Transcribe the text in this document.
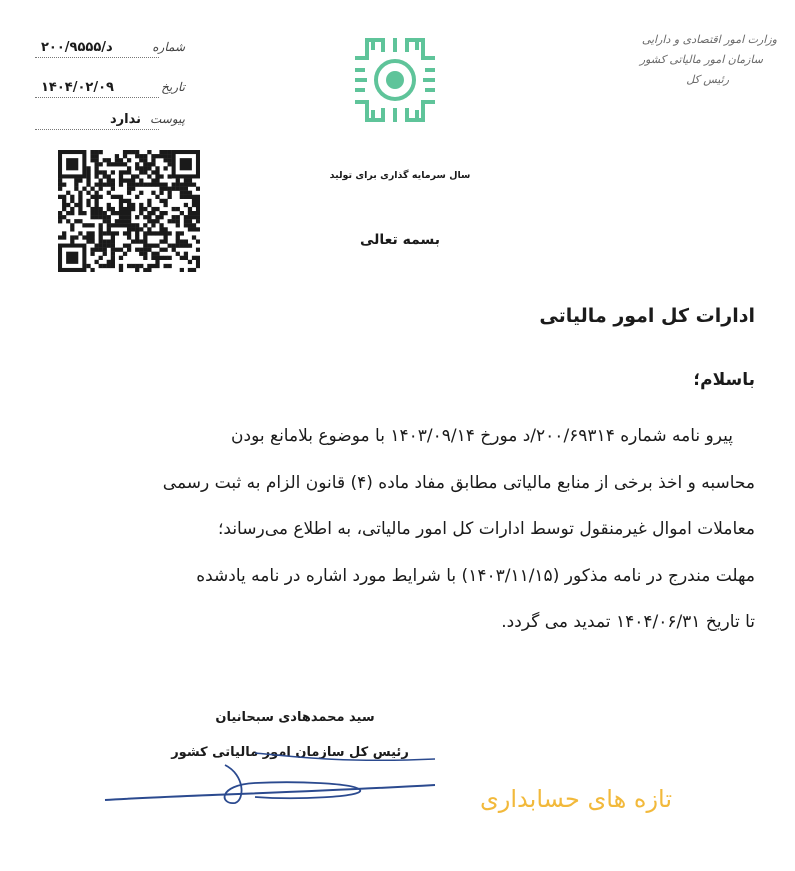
وزارت امور اقتصادی و دارایی
سازمان امور مالیاتی کشور
رئیس کل
شماره
۲۰۰/۹۵۵۵/د
تاریخ
۱۴۰۴/۰۲/۰۹
پیوست
ندارد
سال سرمایه گذاری برای تولید
بسمه تعالی
ادارات کل امور مالیاتی
باسلام؛
پیرو نامه شماره ۲۰۰/۶۹۳۱۴/د مورخ ۱۴۰۳/۰۹/۱۴ با موضوع بلامانع بودن
محاسبه و اخذ برخی از منابع مالیاتی مطابق مفاد ماده (۴) قانون الزام به ثبت رسمی
معاملات اموال غیرمنقول توسط ادارات کل امور مالیاتی، به اطلاع می‌رساند؛
مهلت مندرج در نامه مذکور (۱۴۰۳/۱۱/۱۵) با شرایط مورد اشاره در نامه یادشده
تا تاریخ ۱۴۰۴/۰۶/۳۱ تمدید می گردد.
سید محمدهادی سبحانیان
رئیس کل سازمان امور مالیاتی کشور
تازه های حسابداری
